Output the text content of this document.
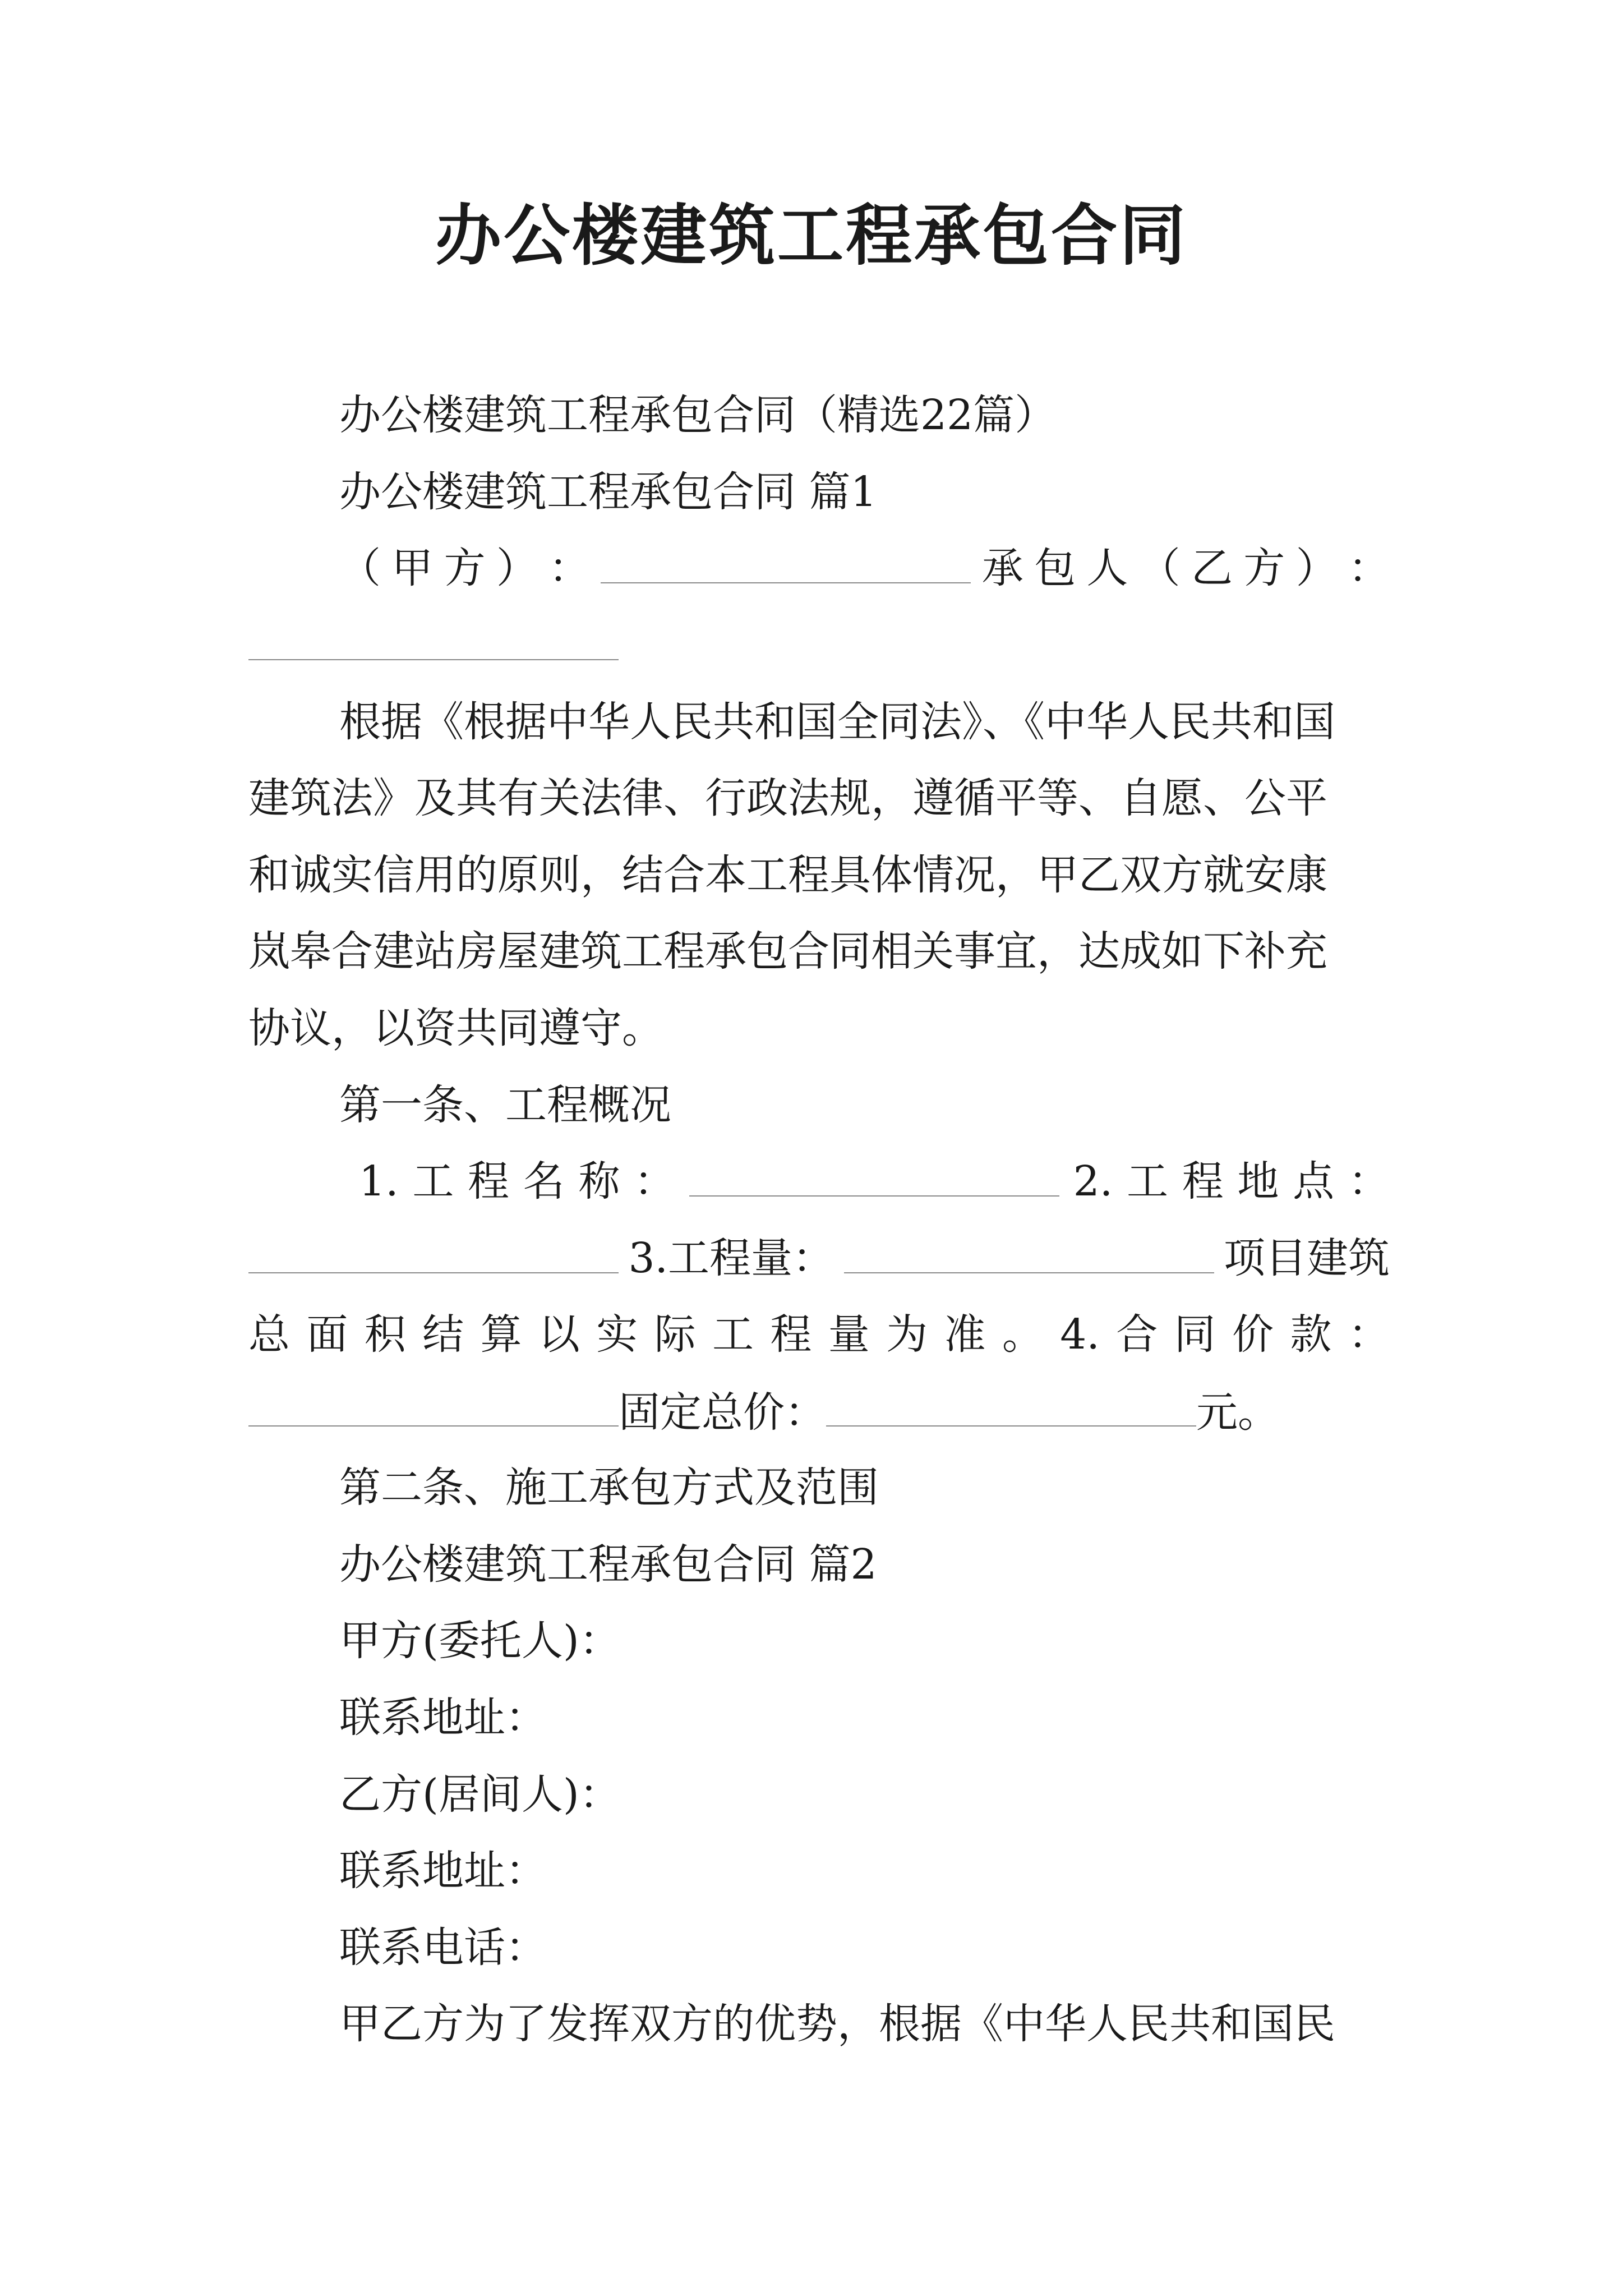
办公楼建筑工程承包合同
办公楼建筑工程承包合同（精选22篇）
办公楼建筑工程承包合同 篇1
（ 甲 方 ） ：	承 包 人 （ 乙 方 ） ：
根据《根据中华人民共和国全同法》、《中华人民共和国
建筑法》及其有关法律、行政法规，遵循平等、自愿、公平
和诚实信用的原则，结合本工程具体情况，甲乙双方就安康
岚皋合建站房屋建筑工程承包合同相关事宜，达成如下补充
协议，以资共同遵守。
第一条、工程概况
1. 工 程 名 称 ：	2. 工 程 地 点 ：
3.工程量：	项目建筑
总 面 积 结 算 以 实 际 工 程 量 为 准 。 4. 合 同 价 款 ：
固定总价：	元。
第二条、施工承包方式及范围
办公楼建筑工程承包合同 篇2
甲方(委托人)：
联系地址：
乙方(居间人)：
联系地址：
联系电话：
甲乙方为了发挥双方的优势，根据《中华人民共和国民
